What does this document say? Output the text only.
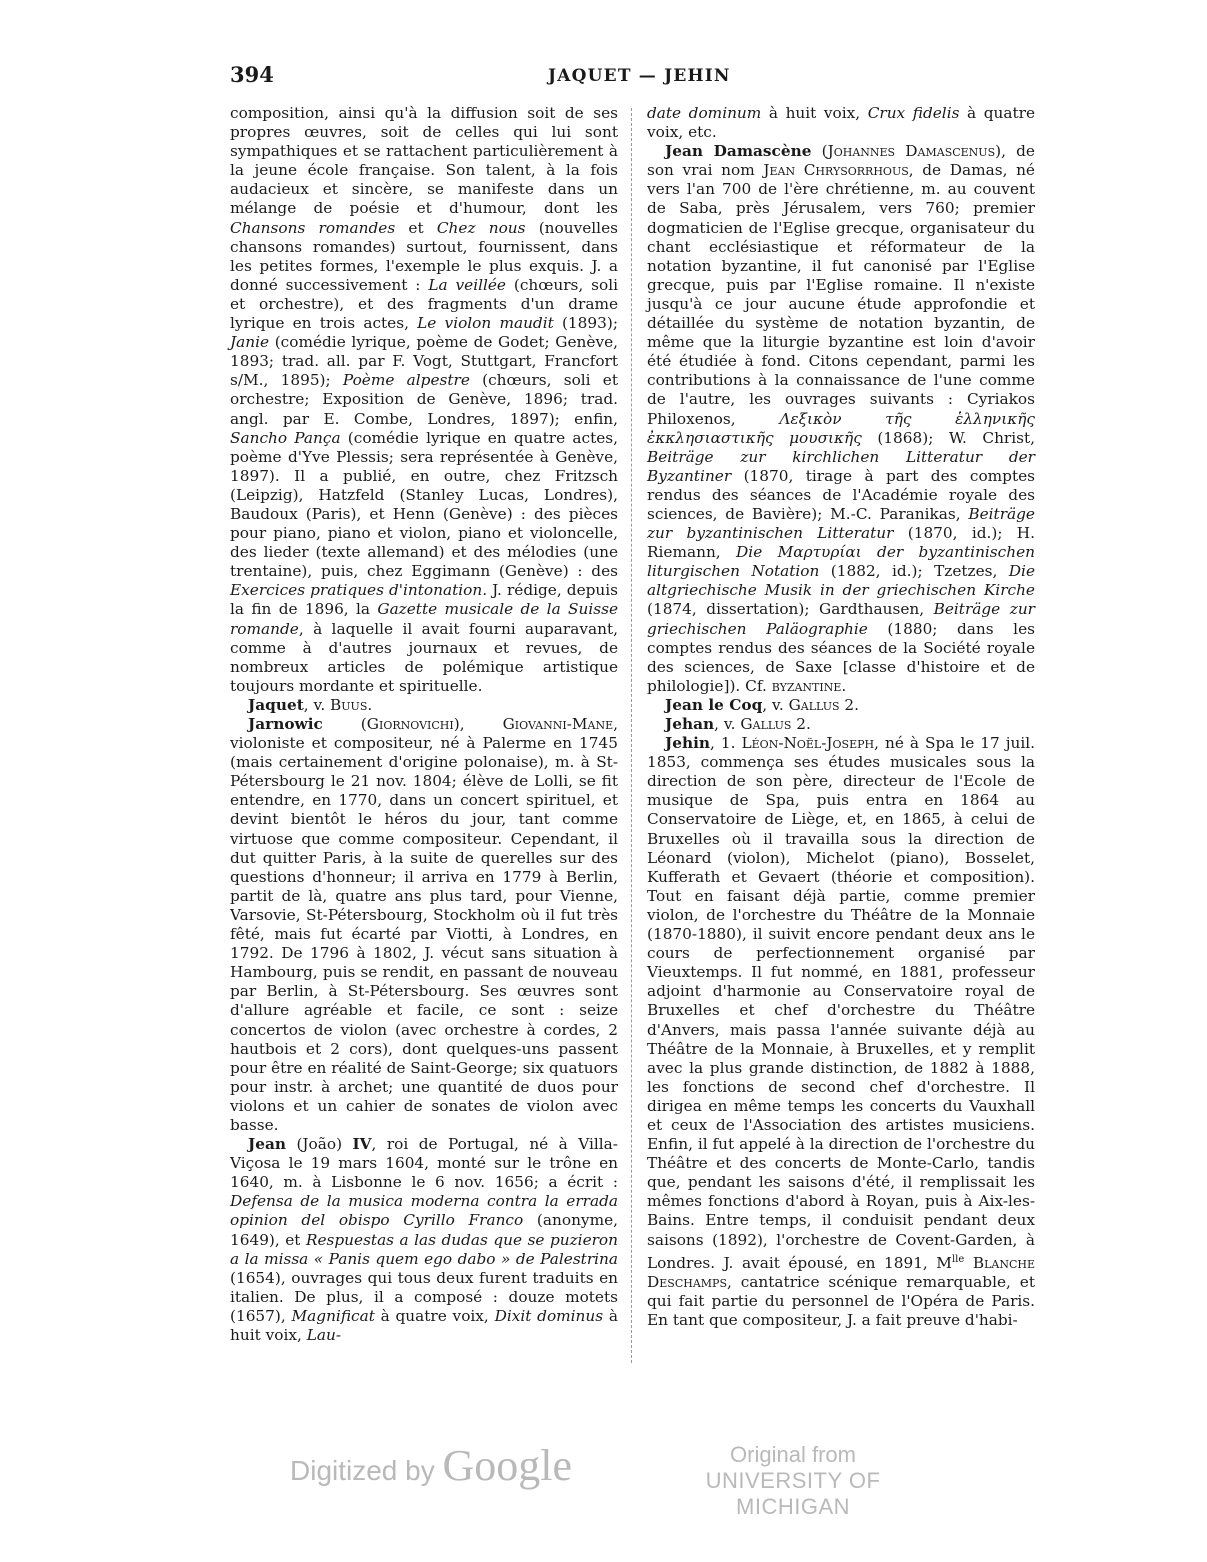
394	JAQUET — JEHIN

composition, ainsi qu'à la diffusion soit de ses propres œuvres, soit de celles qui lui sont sympathiques et se rattachent particulièrement à la jeune école française. Son talent, à la fois audacieux et sincère, se manifeste dans un mélange de poésie et d'humour, dont les Chansons romandes et Chez nous (nouvelles chansons romandes) surtout, fournissent, dans les petites formes, l'exemple le plus exquis. J. a donné successivement : La veillée (chœurs, soli et orchestre), et des fragments d'un drame lyrique en trois actes, Le violon maudit (1893); Janie (comédie lyrique, poème de Godet; Genève, 1893; trad. all. par F. Vogt, Stuttgart, Francfort s/M., 1895); Poème alpestre (chœurs, soli et orchestre; Exposition de Genève, 1896; trad. angl. par E. Combe, Londres, 1897); enfin, Sancho Pança (comédie lyrique en quatre actes, poème d'Yve Plessis; sera représentée à Genève, 1897). Il a publié, en outre, chez Fritzsch (Leipzig), Hatzfeld (Stanley Lucas, Londres), Baudoux (Paris), et Henn (Genève) : des pièces pour piano, piano et violon, piano et violoncelle, des lieder (texte allemand) et des mélodies (une trentaine), puis, chez Eggimann (Genève) : des Exercices pratiques d'intonation. J. rédige, depuis la fin de 1896, la Gazette musicale de la Suisse romande, à laquelle il avait fourni auparavant, comme à d'autres journaux et revues, de nombreux articles de polémique artistique toujours mordante et spirituelle.

Jaquet, v. Buus.

Jarnowic (Giornovichi), Giovanni-Mane, violoniste et compositeur, né à Palerme en 1745 (mais certainement d'origine polonaise), m. à St-Pétersbourg le 21 nov. 1804; élève de Lolli, se fit entendre, en 1770, dans un concert spirituel, et devint bientôt le héros du jour, tant comme virtuose que comme compositeur. Cependant, il dut quitter Paris, à la suite de querelles sur des questions d'honneur; il arriva en 1779 à Berlin, partit de là, quatre ans plus tard, pour Vienne, Varsovie, St-Pétersbourg, Stockholm où il fut très fêté, mais fut écarté par Viotti, à Londres, en 1792. De 1796 à 1802, J. vécut sans situation à Hambourg, puis se rendit, en passant de nouveau par Berlin, à St-Pétersbourg. Ses œuvres sont d'allure agréable et facile, ce sont : seize concertos de violon (avec orchestre à cordes, 2 hautbois et 2 cors), dont quelques-uns passent pour être en réalité de Saint-George; six quatuors pour instr. à archet; une quantité de duos pour violons et un cahier de sonates de violon avec basse.

Jean (João) IV, roi de Portugal, né à Villa-Viçosa le 19 mars 1604, monté sur le trône en 1640, m. à Lisbonne le 6 nov. 1656; a écrit : Defensa de la musica moderna contra la errada opinion del obispo Cyrillo Franco (anonyme, 1649), et Respuestas a las dudas que se puzieron a la missa « Panis quem ego dabo » de Palestrina (1654), ouvrages qui tous deux furent traduits en italien. De plus, il a composé : douze motets (1657), Magnificat à quatre voix, Dixit dominus à huit voix, Lau-

date dominum à huit voix, Crux fidelis à quatre voix, etc.

Jean Damascène (Johannes Damascenus), de son vrai nom Jean Chrysorrhous, de Damas, né vers l'an 700 de l'ère chrétienne, m. au couvent de Saba, près Jérusalem, vers 760; premier dogmaticien de l'Eglise grecque, organisateur du chant ecclésiastique et réformateur de la notation byzantine, il fut canonisé par l'Eglise grecque, puis par l'Eglise romaine. Il n'existe jusqu'à ce jour aucune étude approfondie et détaillée du système de notation byzantin, de même que la liturgie byzantine est loin d'avoir été étudiée à fond. Citons cependant, parmi les contributions à la connaissance de l'une comme de l'autre, les ouvrages suivants : Cyriakos Philoxenos, Λεξικὸν τῆς ἑλληνικῆς ἐκκλησιαστικῆς μουσικῆς (1868); W. Christ, Beiträge zur kirchlichen Litteratur der Byzantiner (1870, tirage à part des comptes rendus des séances de l'Académie royale des sciences, de Bavière); M.-C. Paranikas, Beiträge zur byzantinischen Litteratur (1870, id.); H. Riemann, Die Μαρτυρίαι der byzantinischen liturgischen Notation (1882, id.); Tzetzes, Die altgriechische Musik in der griechischen Kirche (1874, dissertation); Gardthausen, Beiträge zur griechischen Paläographie (1880; dans les comptes rendus des séances de la Société royale des sciences, de Saxe [classe d'histoire et de philologie]). Cf. byzantine.

Jean le Coq, v. Gallus 2.

Jehan, v. Gallus 2.

Jehin, 1. Léon-Noël-Joseph, né à Spa le 17 juil. 1853, commença ses études musicales sous la direction de son père, directeur de l'Ecole de musique de Spa, puis entra en 1864 au Conservatoire de Liège, et, en 1865, à celui de Bruxelles où il travailla sous la direction de Léonard (violon), Michelot (piano), Bosselet, Kufferath et Gevaert (théorie et composition). Tout en faisant déjà partie, comme premier violon, de l'orchestre du Théâtre de la Monnaie (1870-1880), il suivit encore pendant deux ans le cours de perfectionnement organisé par Vieuxtemps. Il fut nommé, en 1881, professeur adjoint d'harmonie au Conservatoire royal de Bruxelles et chef d'orchestre du Théâtre d'Anvers, mais passa l'année suivante déjà au Théâtre de la Monnaie, à Bruxelles, et y remplit avec la plus grande distinction, de 1882 à 1888, les fonctions de second chef d'orchestre. Il dirigea en même temps les concerts du Vauxhall et ceux de l'Association des artistes musiciens. Enfin, il fut appelé à la direction de l'orchestre du Théâtre et des concerts de Monte-Carlo, tandis que, pendant les saisons d'été, il remplissait les mêmes fonctions d'abord à Royan, puis à Aix-les-Bains. Entre temps, il conduisit pendant deux saisons (1892), l'orchestre de Covent-Garden, à Londres. J. avait épousé, en 1891, $M^{lle}$ Blanche Deschamps, cantatrice scénique remarquable, et qui fait partie du personnel de l'Opéra de Paris. En tant que compositeur, J. a fait preuve d'habi-

Digitized by Google	Original from
UNIVERSITY OF MICHIGAN
